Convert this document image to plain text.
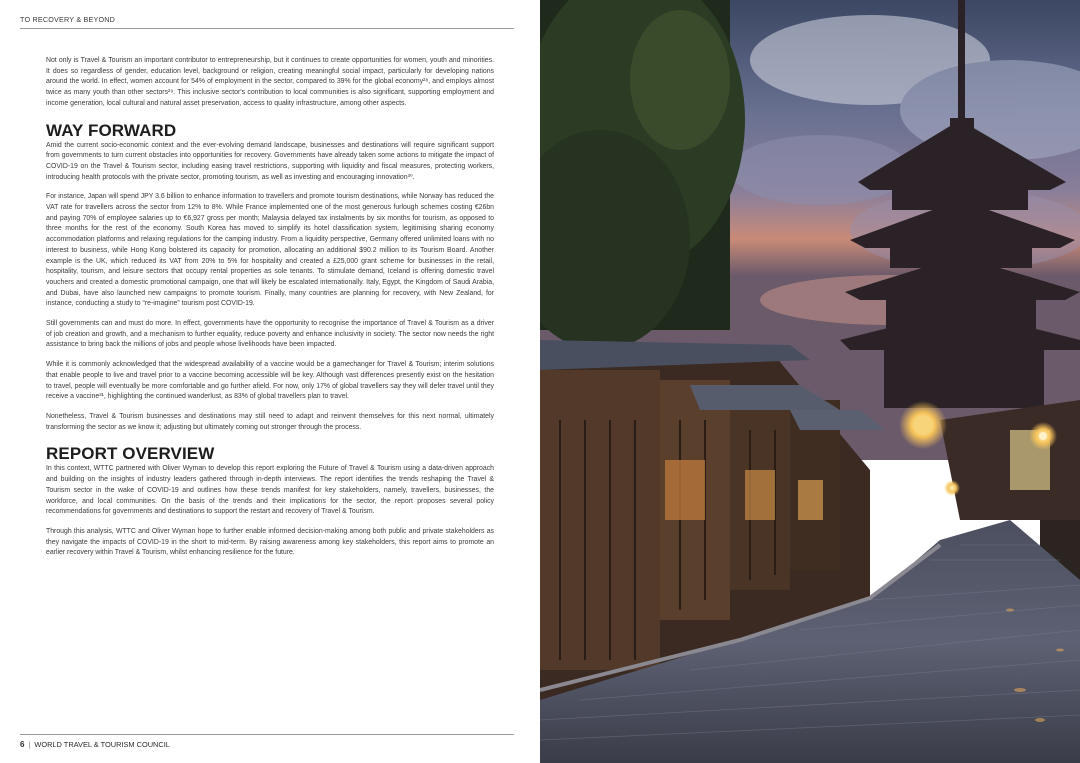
TO RECOVERY & BEYOND

Not only is Travel & Tourism an important contributor to entrepreneurship, but it continues to create opportunities for women, youth and minorities. It does so regardless of gender, education level, background or religion, creating meaningful social impact, particularly for developing nations around the world. In effect, women account for 54% of employment in the sector, compared to 39% for the global economy²⁸, and employs almost twice as many youth than other sectors²⁹. This inclusive sector's contribution to local communities is also significant, supporting employment and income generation, local cultural and natural asset preservation, access to quality infrastructure, among other aspects.

WAY FORWARD

Amid the current socio-economic context and the ever-evolving demand landscape, businesses and destinations will require significant support from governments to turn current obstacles into opportunities for recovery. Governments have already taken some actions to mitigate the impact of COVID-19 on the Travel & Tourism sector, including easing travel restrictions, supporting with liquidity and fiscal measures, protecting workers, introducing health protocols with the private sector, promoting tourism, as well as investing and encouraging innovation³⁰.

For instance, Japan will spend JPY 3.6 billion to enhance information to travellers and promote tourism destinations, while Norway has reduced the VAT rate for travellers across the sector from 12% to 8%. While France implemented one of the most generous furlough schemes costing €26bn and paying 70% of employee salaries up to €6,927 gross per month; Malaysia delayed tax instalments by six months for tourism, as opposed to three months for the rest of the economy. South Korea has moved to simplify its hotel classification system, legitimising sharing economy accommodation platforms and relaxing regulations for the camping industry. From a liquidity perspective, Germany offered unlimited loans with no interest to business, while Hong Kong bolstered its capacity for promotion, allocating an additional $90.2 million to its Tourism Board. Another example is the UK, which reduced its VAT from 20% to 5% for hospitality and created a £25,000 grant scheme for businesses in the retail, hospitality, tourism, and leisure sectors that occupy rental properties as sole tenants. To stimulate demand, Iceland is offering domestic travel vouchers and created a domestic promotional campaign, one that will likely be escalated internationally. Italy, Egypt, the Kingdom of Saudi Arabia, and Dubai, have also launched new campaigns to promote tourism. Finally, many countries are planning for recovery, with New Zealand, for instance, conducting a study to “re-imagine” tourism post COVID-19.

Still governments can and must do more. In effect, governments have the opportunity to recognise the importance of Travel & Tourism as a driver of job creation and growth, and a mechanism to further equality, reduce poverty and enhance inclusivity in society. The sector now needs the right assistance to bring back the millions of jobs and people whose livelihoods have been impacted.

While it is commonly acknowledged that the widespread availability of a vaccine would be a gamechanger for Travel & Tourism; interim solutions that enable people to live and travel prior to a vaccine becoming accessible will be key. Although vast differences presently exist on the hesitation to travel, people will eventually be more comfortable and go further afield. For now, only 17% of global travellers say they will defer travel until they receive a vaccine³¹, highlighting the continued wanderlust, as 83% of global travellers plan to travel.

Nonetheless, Travel & Tourism businesses and destinations may still need to adapt and reinvent themselves for this next normal, ultimately transforming the sector as we know it; adjusting but ultimately coming out stronger through the process.

REPORT OVERVIEW

In this context, WTTC partnered with Oliver Wyman to develop this report exploring the Future of Travel & Tourism using a data-driven approach and building on the insights of industry leaders gathered through in-depth interviews. The report identifies the trends reshaping the Travel & Tourism sector in the wake of COVID-19 and outlines how these trends manifest for key stakeholders, namely, travellers, businesses, the workforce, and local communities. On the basis of the trends and their implications for the sector, the report proposes several policy recommendations for governments and destinations to support the restart and recovery of Travel & Tourism.

Through this analysis, WTTC and Oliver Wyman hope to further enable informed decision-making among both public and private stakeholders as they navigate the impacts of COVID-19 in the short to mid-term. By raising awareness among key stakeholders, this report aims to promote an earlier recovery within Travel & Tourism, whilst enhancing resilience for the future.

6 | WORLD TRAVEL & TOURISM COUNCIL
